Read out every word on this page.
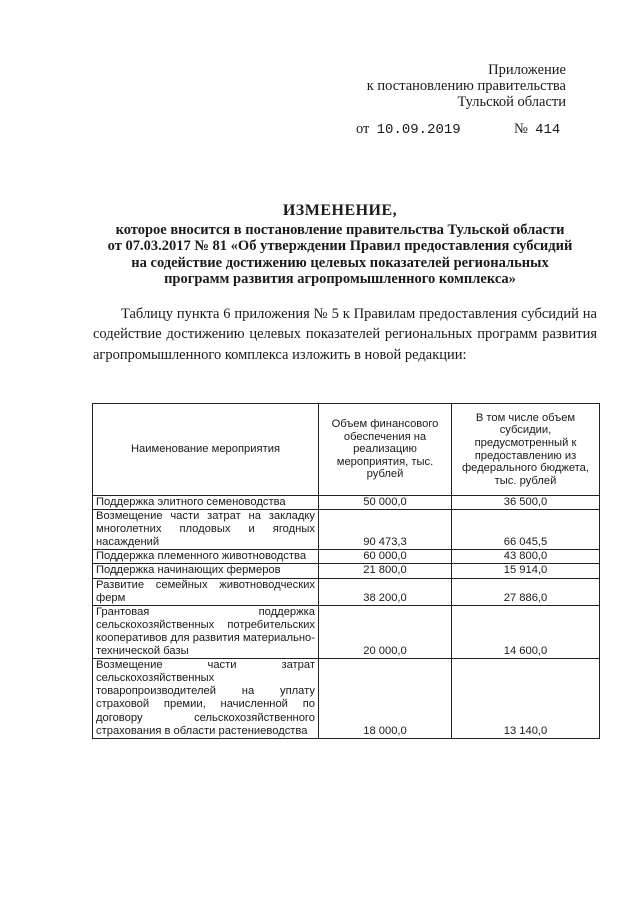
Приложение
к постановлению правительства
Тульской области
от 10.09.2019	№ 414
ИЗМЕНЕНИЕ,
которое вносится в постановление правительства Тульской области
от 07.03.2017 № 81 «Об утверждении Правил предоставления субсидий
на содействие достижению целевых показателей региональных
программ развития агропромышленного комплекса»
Таблицу пункта 6 приложения № 5 к Правилам предоставления субсидий на содействие достижению целевых показателей региональных программ развития агропромышленного комплекса изложить в новой редакции:
Наименование мероприятия	Объем финансового обеспечения на реализацию мероприятия, тыс. рублей	В том числе объем субсидии, предусмотренный к предоставлению из федерального бюджета, тыс. рублей
Поддержка элитного семеноводства	50 000,0	36 500,0
Возмещение части затрат на закладку многолетних плодовых и ягодных насаждений	90 473,3	66 045,5
Поддержка племенного животноводства	60 000,0	43 800,0
Поддержка начинающих фермеров	21 800,0	15 914,0
Развитие семейных животноводческих ферм	38 200,0	27 886,0
Грантовая поддержка сельскохозяйственных потребительских кооперативов для развития материально-технической базы	20 000,0	14 600,0
Возмещение части затрат сельскохозяйственных товаропроизводителей на уплату страховой премии, начисленной по договору сельскохозяйственного страхования в области растениеводства	18 000,0	13 140,0
